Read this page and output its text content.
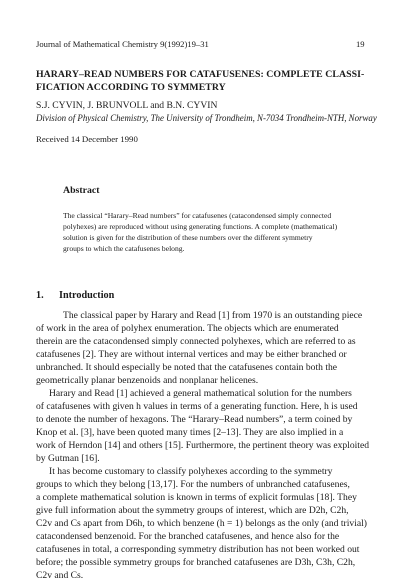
Journal of Mathematical Chemistry 9(1992)19–31	19
HARARY–READ NUMBERS FOR CATAFUSENES: COMPLETE CLASSI-
FICATION ACCORDING TO SYMMETRY
S.J. CYVIN, J. BRUNVOLL and B.N. CYVIN
Division of Physical Chemistry, The University of Trondheim, N-7034 Trondheim-NTH, Norway
Received 14 December 1990
Abstract
The classical “Harary–Read numbers” for catafusenes (catacondensed simply connected
polyhexes) are reproduced without using generating functions. A complete (mathematical)
solution is given for the distribution of these numbers over the different symmetry
groups to which the catafusenes belong.
1. Introduction
The classical paper by Harary and Read [1] from 1970 is an outstanding piece
of work in the area of polyhex enumeration. The objects which are enumerated
therein are the catacondensed simply connected polyhexes, which are referred to as
catafusenes [2]. They are without internal vertices and may be either branched or
unbranched. It should especially be noted that the catafusenes contain both the
geometrically planar benzenoids and nonplanar helicenes.
Harary and Read [1] achieved a general mathematical solution for the numbers
of catafusenes with given h values in terms of a generating function. Here, h is used
to denote the number of hexagons. The “Harary–Read numbers”, a term coined by
Knop et al. [3], have been quoted many times [2–13]. They are also implied in a
work of Herndon [14] and others [15]. Furthermore, the pertinent theory was exploited
by Gutman [16].
It has become customary to classify polyhexes according to the symmetry
groups to which they belong [13,17]. For the numbers of unbranched catafusenes,
a complete mathematical solution is known in terms of explicit formulas [18]. They
give full information about the symmetry groups of interest, which are D2h, C2h,
C2v and Cs apart from D6h, to which benzene (h = 1) belongs as the only (and trivial)
catacondensed benzenoid. For the branched catafusenes, and hence also for the
catafusenes in total, a corresponding symmetry distribution has not been worked out
before; the possible symmetry groups for branched catafusenes are D3h, C3h, C2h,
C2v and Cs.
